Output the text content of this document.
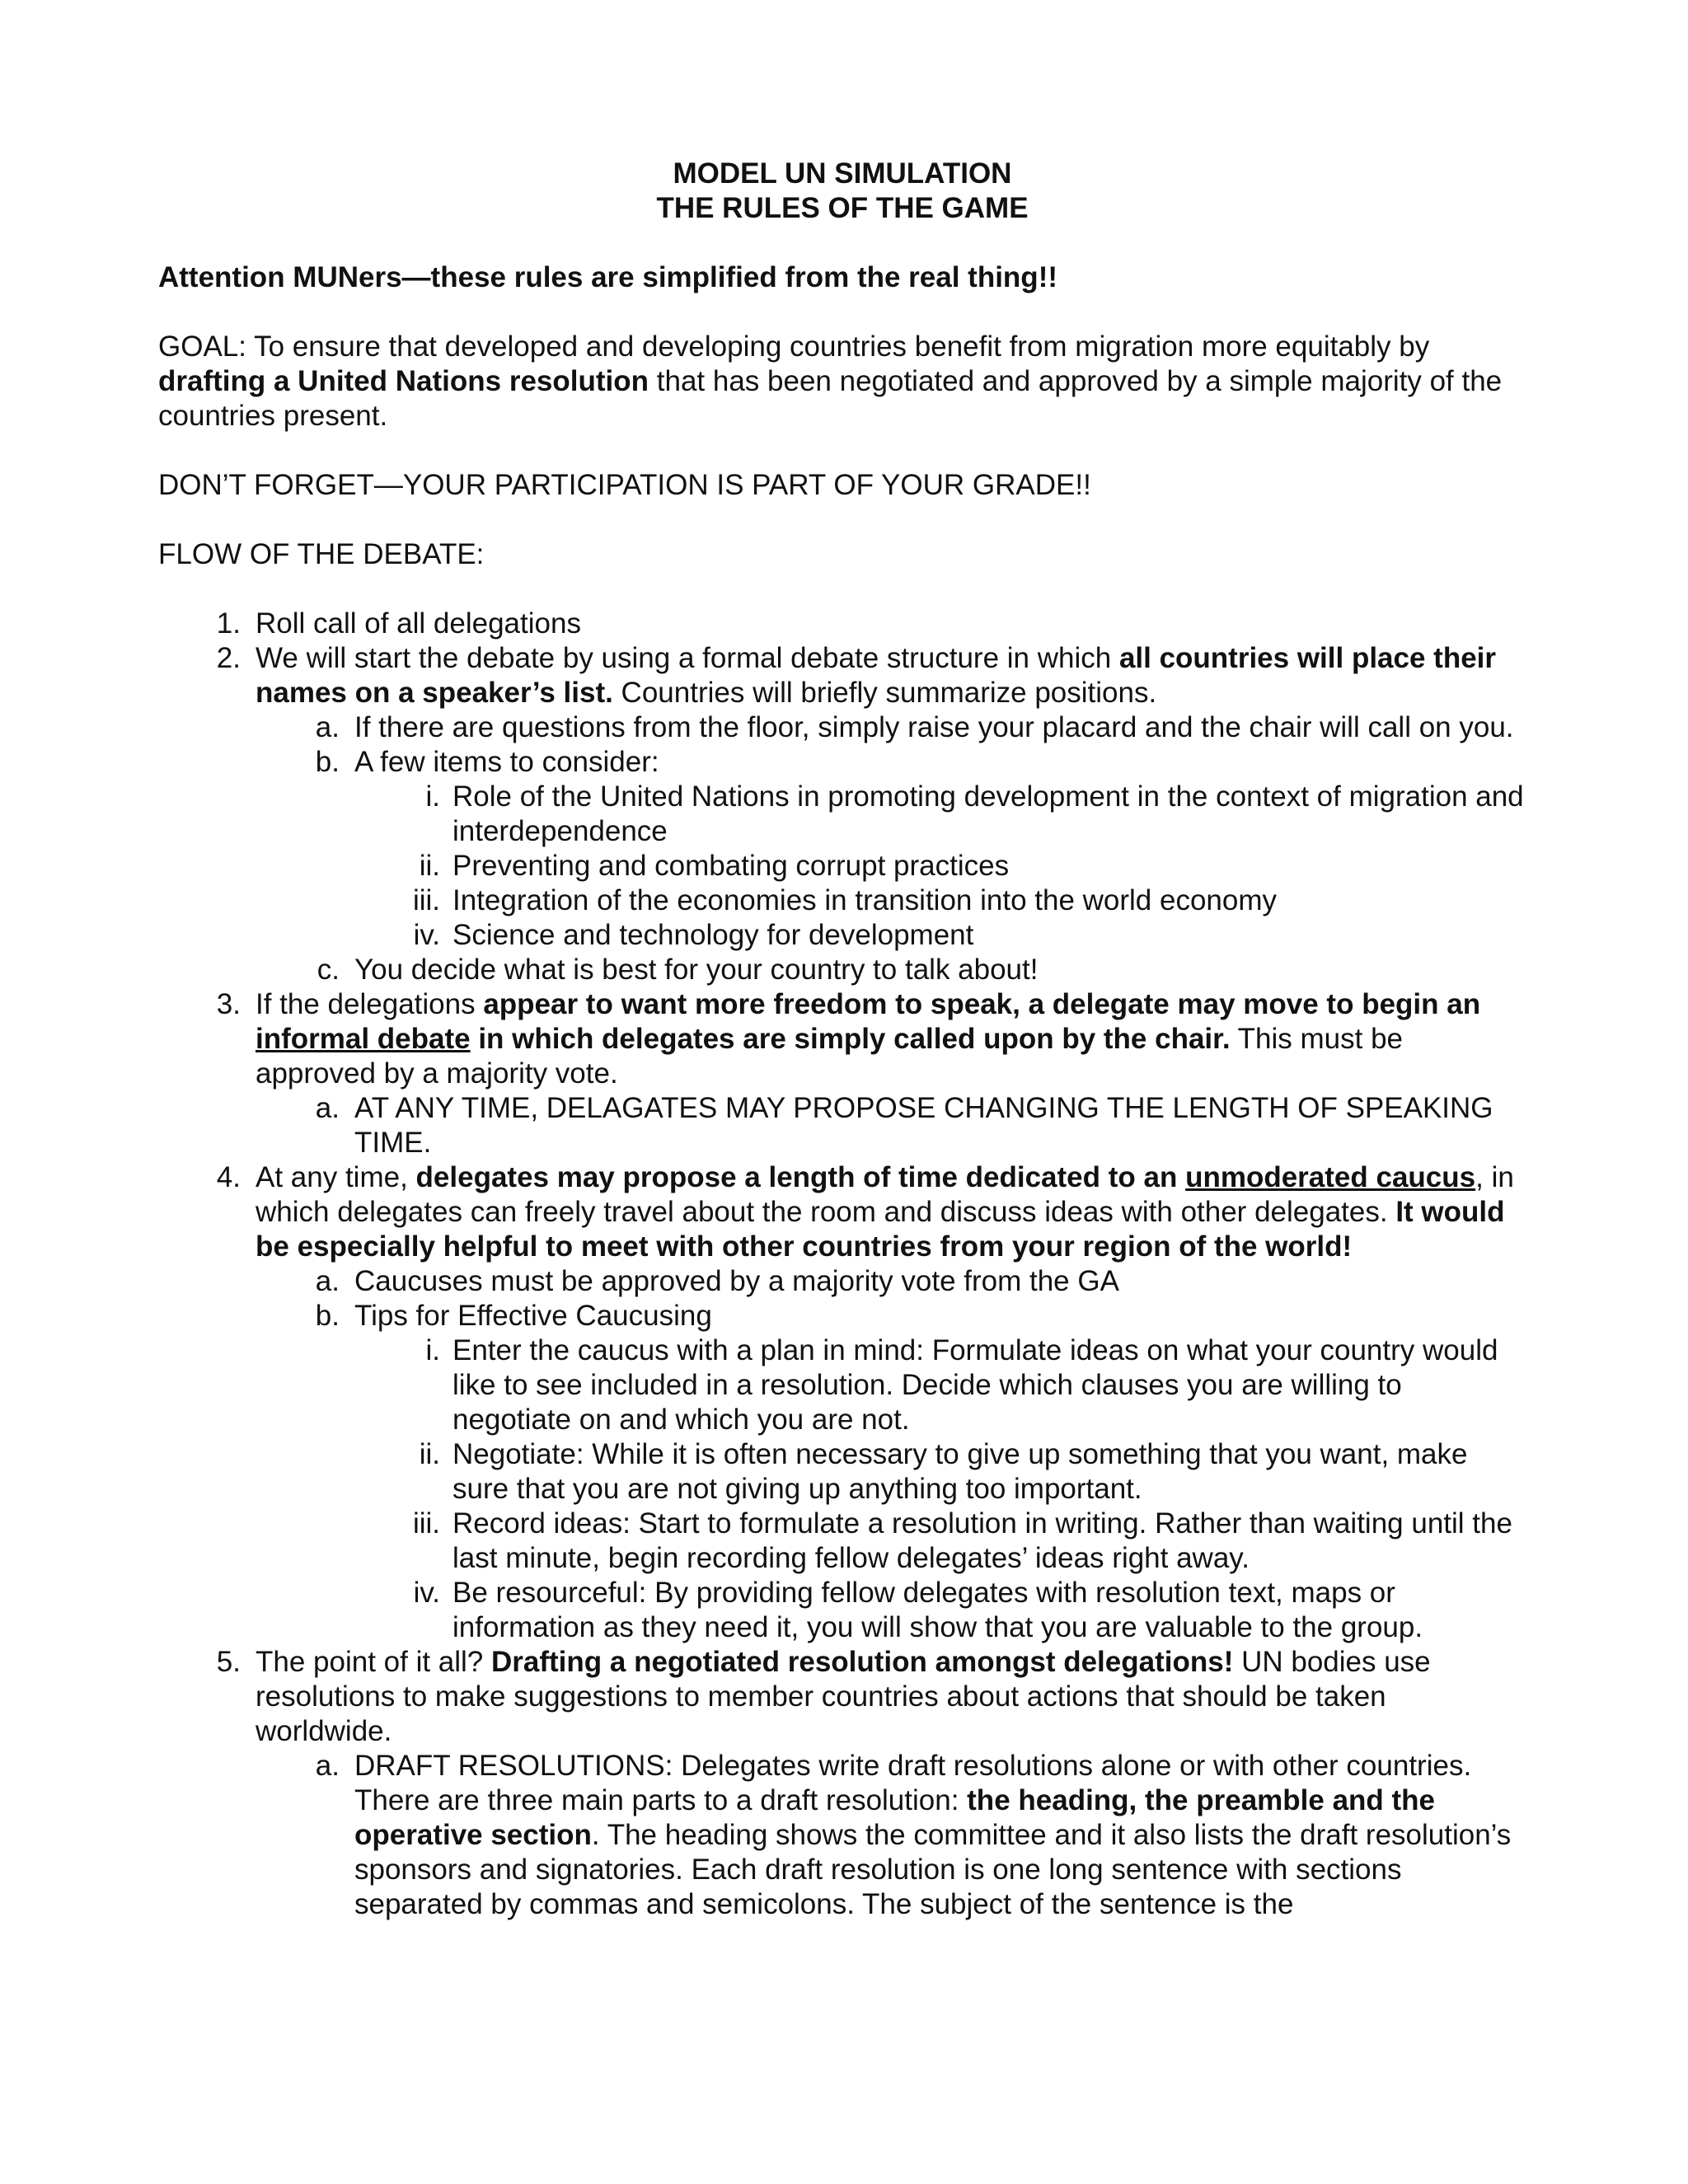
MODEL UN SIMULATION

THE RULES OF THE GAME

Attention MUNers—these rules are simplified from the real thing!!

GOAL: To ensure that developed and developing countries benefit from migration more equitably by drafting a United Nations resolution that has been negotiated and approved by a simple majority of the countries present.

DON’T FORGET—YOUR PARTICIPATION IS PART OF YOUR GRADE!!

FLOW OF THE DEBATE:

1. Roll call of all delegations
2. We will start the debate by using a formal debate structure in which all countries will place their names on a speaker’s list. Countries will briefly summarize positions.
a. If there are questions from the floor, simply raise your placard and the chair will call on you.
b. A few items to consider:
i. Role of the United Nations in promoting development in the context of migration and interdependence
ii. Preventing and combating corrupt practices
iii. Integration of the economies in transition into the world economy
iv. Science and technology for development
c. You decide what is best for your country to talk about!
3. If the delegations appear to want more freedom to speak, a delegate may move to begin an informal debate in which delegates are simply called upon by the chair. This must be approved by a majority vote.
a. AT ANY TIME, DELAGATES MAY PROPOSE CHANGING THE LENGTH OF SPEAKING TIME.
4. At any time, delegates may propose a length of time dedicated to an unmoderated caucus, in which delegates can freely travel about the room and discuss ideas with other delegates. It would be especially helpful to meet with other countries from your region of the world!
a. Caucuses must be approved by a majority vote from the GA
b. Tips for Effective Caucusing
i. Enter the caucus with a plan in mind: Formulate ideas on what your country would like to see included in a resolution. Decide which clauses you are willing to negotiate on and which you are not.
ii. Negotiate: While it is often necessary to give up something that you want, make sure that you are not giving up anything too important.
iii. Record ideas: Start to formulate a resolution in writing. Rather than waiting until the last minute, begin recording fellow delegates’ ideas right away.
iv. Be resourceful: By providing fellow delegates with resolution text, maps or information as they need it, you will show that you are valuable to the group.
5. The point of it all? Drafting a negotiated resolution amongst delegations! UN bodies use resolutions to make suggestions to member countries about actions that should be taken worldwide.
a. DRAFT RESOLUTIONS: Delegates write draft resolutions alone or with other countries. There are three main parts to a draft resolution: the heading, the preamble and the operative section. The heading shows the committee and it also lists the draft resolution’s sponsors and signatories. Each draft resolution is one long sentence with sections separated by commas and semicolons. The subject of the sentence is the
